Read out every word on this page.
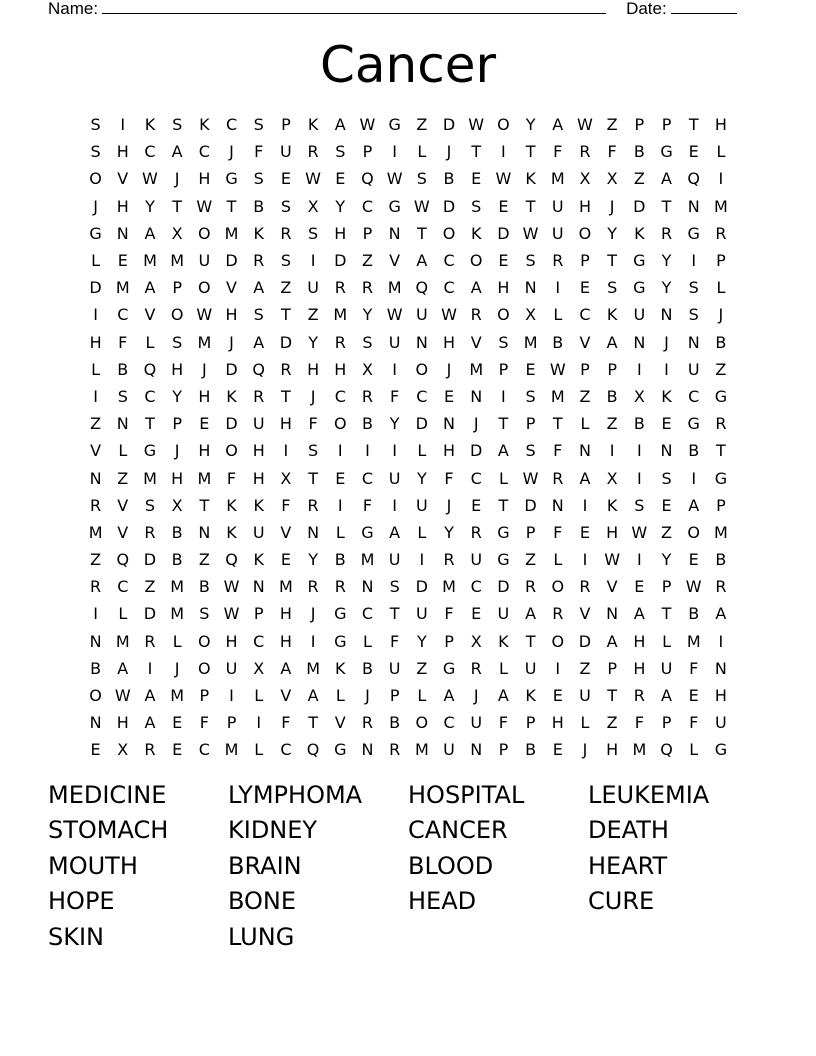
Name:	Date:
Cancer
S	I	K	S	K	C	S	P	K	A W G Z D W O	Y	A W Z	P	P	T	H
S	H C	A	C	J	F	U R	S	P	I	L	J	T	I	T	F	R	F	B G E	L
O V W	J	H G S	E W E Q W S	B	E W K M X	X	Z	A Q	I
J	H	Y	T W T	B	S	X	Y	C G W D S	E	T	U H	J	D	T	N M
G N A	X O M K	R	S	H	P	N	T	O K D W U O	Y	K	R G R
L	E M M U D R	S	I	D Z	V	A	C O E	S	R	P	T	G	Y	I	P
D M A	P	O V	A	Z U R	R M Q C	A H N	I	E	S G	Y	S	L
I	C	V O W H	S	T	Z M Y W U W R O X	L	C	K	U N	S	J
H	F	L	S M	J	A D	Y	R	S	U N H V	S M B	V	A N	J	N B
L	B Q H	J	D Q R H H X	I	O	J	M P	E W P	P	I	I	U Z
I	S	C	Y	H K	R	T	J	C	R	F	C	E	N	I	S M Z	B	X	K	C G
Z N	T	P	E D U H	F	O B	Y	D N	J	T	P	T	L	Z	B	E G R
V	L	G	J	H O H	I	S	I	I	I	L	H D A	S	F	N	I	I	N B	T
N Z M H M F	H X	T	E	C U	Y	F	C	L W R	A	X	I	S	I	G
R	V	S	X	T	K	K	F	R	I	F	I	U	J	E	T	D N	I	K	S	E	A	P
M V	R	B N K	U V N	L	G A	L	Y	R G	P	F	E	H W Z O M
Z Q D B	Z Q K	E	Y	B M U	I	R U G Z	L	I	W	I	Y	E	B
R	C	Z M B W N M R	R N	S D M C D R O R	V	E	P W R
I	L	D M S W P	H	J	G C	T	U	F	E	U A	R	V N A	T	B	A
N M R	L	O H C H	I	G	L	F	Y	P	X	K	T	O D A H	L M	I
B	A	I	J	O U X	A M K	B U Z G R	L	U	I	Z	P	H U	F	N
O W A M P	I	L	V	A	L	J	P	L	A	J	A	K	E	U	T	R	A	E	H
N H A	E	F	P	I	F	T	V	R	B O C U	F	P	H	L	Z	F	P	F	U
E	X	R	E	C M L	C Q G N R M U N	P	B	E	J	H M Q	L	G
MEDICINE	LYMPHOMA	HOSPITAL	LEUKEMIA
STOMACH	KIDNEY	CANCER	DEATH
MOUTH	BRAIN	BLOOD	HEART
HOPE	BONE	HEAD	CURE
SKIN	LUNG
